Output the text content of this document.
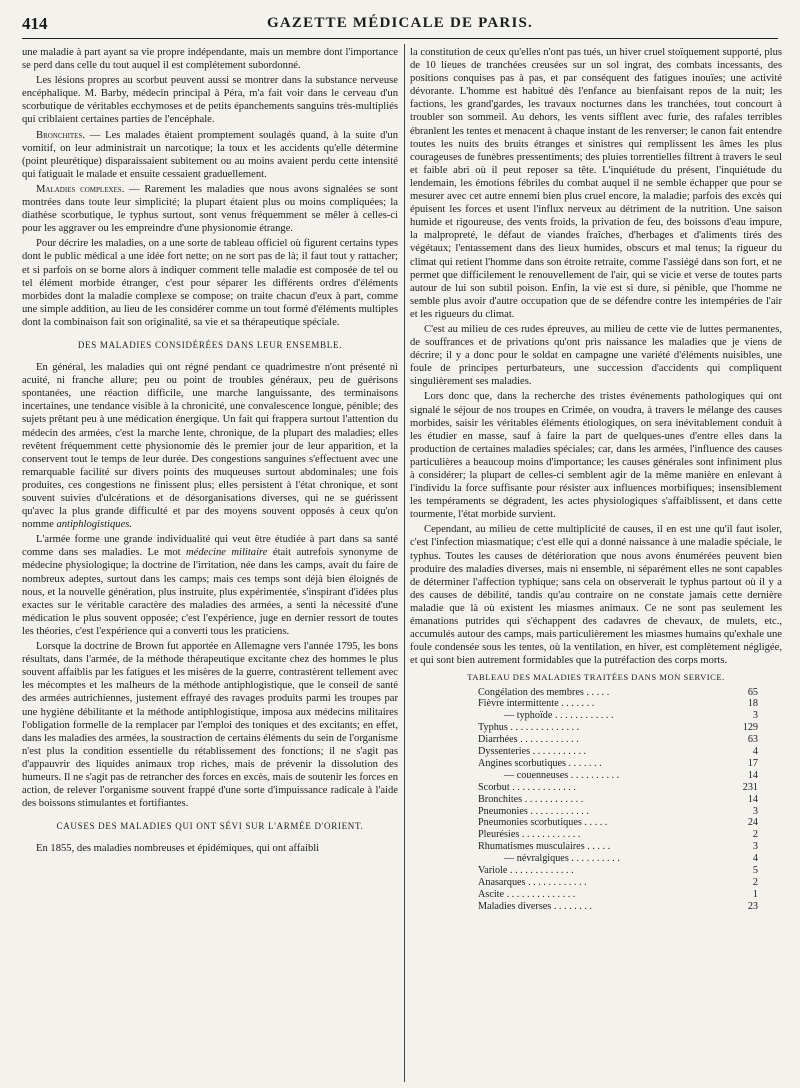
414	GAZETTE MÉDICALE DE PARIS.

une maladie à part ayant sa vie propre indépendante, mais un membre dont l'importance se perd dans celle du tout auquel il est complétement subordonné.

Les lésions propres au scorbut peuvent aussi se montrer dans la substance nerveuse encéphalique. M. Barby, médecin principal à Péra, m'a fait voir dans le cerveau d'un scorbutique de véritables ecchymoses et de petits épanchements sanguins très-multipliés qui criblaient certaines parties de l'encéphale.

Bronchites. — Les malades étaient promptement soulagés quand, à la suite d'un vomitif, on leur administrait un narcotique; la toux et les accidents qu'elle détermine (point pleurétique) disparaissaient subitement ou au moins avaient perdu cette intensité qui fatiguait le malade et ensuite cessaient graduellement.

Maladies complexes. — Rarement les maladies que nous avons signalées se sont montrées dans toute leur simplicité; la plupart étaient plus ou moins compliquées; la diathèse scorbutique, le typhus surtout, sont venus fréquemment se mêler à celles-ci pour les aggraver ou les empreindre d'une physionomie étrange.

Pour décrire les maladies, on a une sorte de tableau officiel où figurent certains types dont le public médical a une idée fort nette; on ne sort pas de là; il faut tout y rattacher; et si parfois on se borne alors à indiquer comment telle maladie est composée de tel ou tel élément morbide étranger, c'est pour séparer les différents ordres d'éléments morbides dont la maladie complexe se compose; on traite chacun d'eux à part, comme une simple addition, au lieu de les considérer comme un tout formé d'éléments multiples dont la combinaison fait son originalité, sa vie et sa thérapeutique spéciale.

DES MALADIES CONSIDÉRÉES DANS LEUR ENSEMBLE.

En général, les maladies qui ont régné pendant ce quadrimestre n'ont présenté ni acuité, ni franche allure; peu ou point de troubles généraux, peu de guérisons spontanées, une réaction difficile, une marche languissante, des terminaisons incertaines, une tendance visible à la chronicité, une convalescence longue, pénible; des sujets prêtant peu à une médication énergique. Un fait qui frappera surtout l'attention du médecin des armées, c'est la marche lente, chronique, de la plupart des maladies; elles revêtent fréquemment cette physionomie dès le premier jour de leur apparition, et la conservent tout le temps de leur durée. Des congestions sanguines s'effectuent avec une remarquable facilité sur divers points des muqueuses surtout abdominales; une fois produites, ces congestions ne finissent plus; elles persistent à l'état chronique, et sont souvent suivies d'ulcérations et de désorganisations diverses, qui ne se guérissent qu'avec la plus grande difficulté et par des moyens souvent opposés à ceux qu'on nomme antiphlogistiques.

L'armée forme une grande individualité qui veut être étudiée à part dans sa santé comme dans ses maladies. Le mot médecine militaire était autrefois synonyme de médecine physiologique; la doctrine de l'irritation, née dans les camps, avait du faire de nombreux adeptes, surtout dans les camps; mais ces temps sont déjà bien éloignés de nous, et la nouvelle génération, plus instruite, plus expérimentée, s'inspirant d'idées plus exactes sur le véritable caractère des maladies des armées, a senti la nécessité d'une médication le plus souvent opposée; c'est l'expérience, juge en dernier ressort de toutes les théories, c'est l'expérience qui a converti tous les praticiens.

Lorsque la doctrine de Brown fut apportée en Allemagne vers l'année 1795, les bons résultats, dans l'armée, de la méthode thérapeutique excitante chez des hommes le plus souvent affaiblis par les fatigues et les misères de la guerre, contrastèrent tellement avec les mécomptes et les malheurs de la méthode antiphlogistique, que le conseil de santé des armées autrichiennes, justement effrayé des ravages produits parmi les troupes par une hygiène débilitante et la méthode antiphlogistique, imposa aux médecins militaires l'obligation formelle de la remplacer par l'emploi des toniques et des excitants; en effet, dans les maladies des armées, la soustraction de certains éléments du sein de l'organisme n'est plus la condition essentielle du rétablissement des fonctions; il ne s'agit pas d'appauvrir des liquides animaux trop riches, mais de prévenir la dissolution des humeurs. Il ne s'agit pas de retrancher des forces en excès, mais de soutenir les forces en action, de relever l'organisme souvent frappé d'une sorte d'impuissance radicale à l'aide des boissons stimulantes et fortifiantes.

CAUSES DES MALADIES QUI ONT SÉVI SUR L'ARMÉE D'ORIENT.

En 1855, des maladies nombreuses et épidémiques, qui ont affaibli

la constitution de ceux qu'elles n'ont pas tués, un hiver cruel stoïquement supporté, plus de 10 lieues de tranchées creusées sur un sol ingrat, des combats incessants, des positions conquises pas à pas, et par conséquent des fatigues inouïes; une activité dévorante. L'homme est habitué dès l'enfance au bienfaisant repos de la nuit; les factions, les grand'gardes, les travaux nocturnes dans les tranchées, tout concourt à troubler son sommeil. Au dehors, les vents sifflent avec furie, des rafales terribles ébranlent les tentes et menacent à chaque instant de les renverser; le canon fait entendre toutes les nuits des bruits étranges et sinistres qui remplissent les âmes les plus courageuses de funèbres pressentiments; des pluies torrentielles filtrent à travers le seul et faible abri où il peut reposer sa tête. L'inquiétude du présent, l'inquiétude du lendemain, les émotions fébriles du combat auquel il ne semble échapper que pour se mesurer avec cet autre ennemi bien plus cruel encore, la maladie; parfois des excès qui épuisent les forces et usent l'influx nerveux au détriment de la nutrition. Une saison humide et rigoureuse, des vents froids, la privation de feu, des boissons d'eau impure, la malpropreté, le défaut de viandes fraîches, d'herbages et d'aliments tirés des végétaux; l'entassement dans des lieux humides, obscurs et mal tenus; la rigueur du climat qui retient l'homme dans son étroite retraite, comme l'assiégé dans son fort, et ne permet que difficilement le renouvellement de l'air, qui se vicie et verse de toutes parts autour de lui son subtil poison. Enfin, la vie est si dure, si pénible, que l'homme ne semble plus avoir d'autre occupation que de se défendre contre les intempéries de l'air et les rigueurs du climat.

C'est au milieu de ces rudes épreuves, au milieu de cette vie de luttes permanentes, de souffrances et de privations qu'ont pris naissance les maladies que je viens de décrire; il y a donc pour le soldat en campagne une variété d'éléments nuisibles, une foule de principes perturbateurs, une succession d'accidents qui compliquent singulièrement ses maladies.

Lors donc que, dans la recherche des tristes événements pathologiques qui ont signalé le séjour de nos troupes en Crimée, on voudra, à travers le mélange des causes morbides, saisir les véritables éléments étiologiques, on sera inévitablement conduit à les étudier en masse, sauf à faire la part de quelques-unes d'entre elles dans la production de certaines maladies spéciales; car, dans les armées, l'influence des causes particulières a beaucoup moins d'importance; les causes générales sont infiniment plus à considérer; la plupart de celles-ci semblent agir de la même manière en enlevant à l'individu la force suffisante pour résister aux influences morbifiques; insensiblement les tempéraments se dégradent, les actes physiologiques s'affaiblissent, et dans cette tourmente, l'état morbide survient.

Cependant, au milieu de cette multiplicité de causes, il en est une qu'il faut isoler, c'est l'infection miasmatique; c'est elle qui a donné naissance à une maladie spéciale, le typhus. Toutes les causes de détérioration que nous avons énumérées peuvent bien produire des maladies diverses, mais ni ensemble, ni séparément elles ne sont capables de déterminer l'affection typhique; sans cela on observerait le typhus partout où il y a des causes de débilité, tandis qu'au contraire on ne constate jamais cette dernière maladie que là où existent les miasmes animaux. Ce ne sont pas seulement les émanations putrides qui s'échappent des cadavres de chevaux, de mulets, etc., accumulés autour des camps, mais particulièrement les miasmes humains qu'exhale une foule condensée sous les tentes, où la ventilation, en hiver, est complètement négligée, et qui sont bien autrement formidables que la putréfaction des corps morts.

TABLEAU DES MALADIES TRAITÉES DANS MON SERVICE.
Congélation des membres . . . . .	65
Fièvre intermittente . . . . . . .	18
— typhoïde . . . . . . . . . . . .	3
Typhus . . . . . . . . . . . . . .	129
Diarrhées . . . . . . . . . . . .	63
Dyssenteries . . . . . . . . . . .	4
Angines scorbutiques . . . . . . .	17
— couenneuses . . . . . . . . . .	14
Scorbut . . . . . . . . . . . . .	231
Bronchites . . . . . . . . . . . .	14
Pneumonies . . . . . . . . . . . .	3
Pneumonies scorbutiques . . . . .	24
Pleurésies . . . . . . . . . . . .	2
Rhumatismes musculaires . . . . .	3
— névralgiques . . . . . . . . . .	4
Variole . . . . . . . . . . . . .	5
Anasarques . . . . . . . . . . . .	2
Ascite . . . . . . . . . . . . . .	1
Maladies diverses . . . . . . . .	23
